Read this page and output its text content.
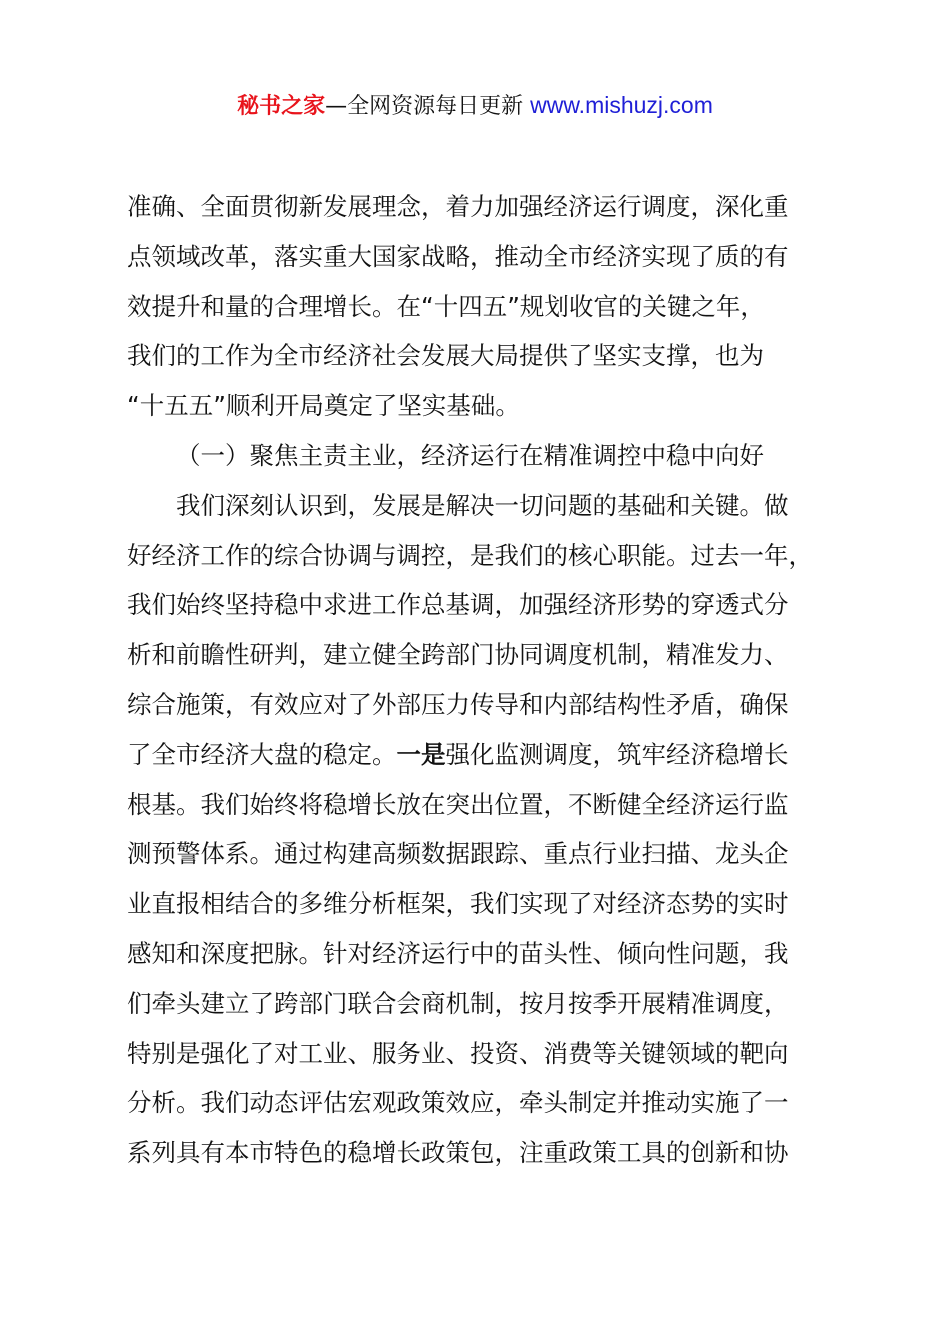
秘书之家—全网资源每日更新 www.mishuzj.com
准确、全面贯彻新发展理念，着力加强经济运行调度，深化重
点领域改革，落实重大国家战略，推动全市经济实现了质的有
效提升和量的合理增长。在“十四五”规划收官的关键之年，
我们的工作为全市经济社会发展大局提供了坚实支撑，也为
“十五五”顺利开局奠定了坚实基础。
（一）聚焦主责主业，经济运行在精准调控中稳中向好
我们深刻认识到，发展是解决一切问题的基础和关键。做
好经济工作的综合协调与调控，是我们的核心职能。过去一年，
我们始终坚持稳中求进工作总基调，加强经济形势的穿透式分
析和前瞻性研判，建立健全跨部门协同调度机制，精准发力、
综合施策，有效应对了外部压力传导和内部结构性矛盾，确保
了全市经济大盘的稳定。一是强化监测调度，筑牢经济稳增长
根基。我们始终将稳增长放在突出位置，不断健全经济运行监
测预警体系。通过构建高频数据跟踪、重点行业扫描、龙头企
业直报相结合的多维分析框架，我们实现了对经济态势的实时
感知和深度把脉。针对经济运行中的苗头性、倾向性问题，我
们牵头建立了跨部门联合会商机制，按月按季开展精准调度，
特别是强化了对工业、服务业、投资、消费等关键领域的靶向
分析。我们动态评估宏观政策效应，牵头制定并推动实施了一
系列具有本市特色的稳增长政策包，注重政策工具的创新和协
